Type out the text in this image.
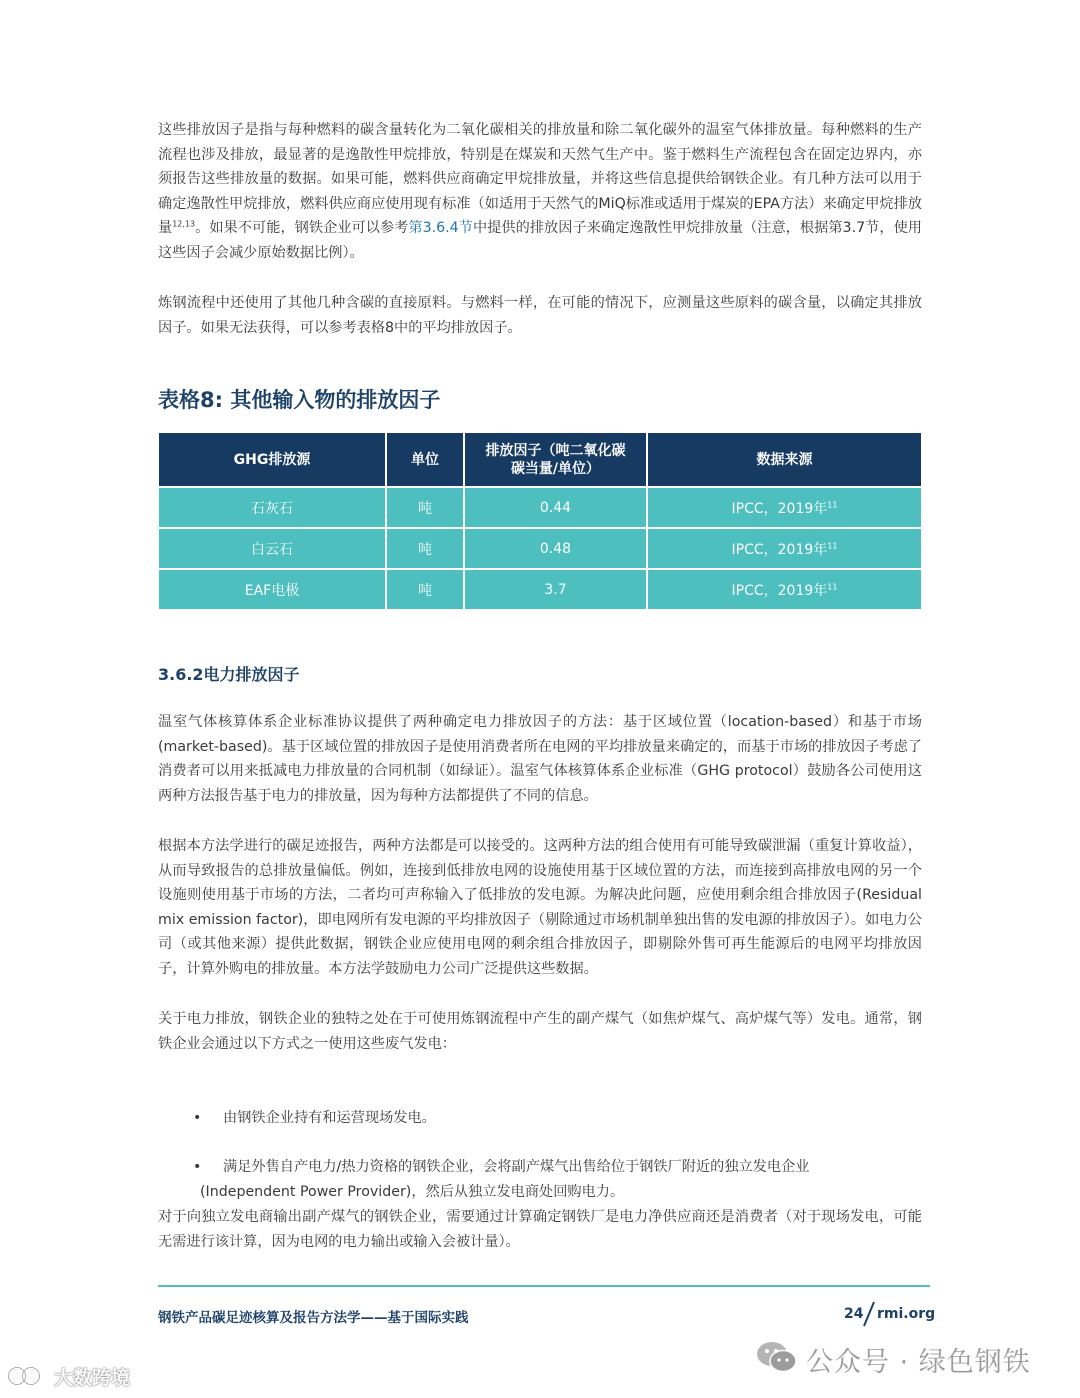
这些排放因子是指与每种燃料的碳含量转化为二氧化碳相关的排放量和除二氧化碳外的温室气体排放量。每种燃料的生产流程也涉及排放，最显著的是逸散性甲烷排放，特别是在煤炭和天然气生产中。鉴于燃料生产流程包含在固定边界内，亦须报告这些排放量的数据。如果可能，燃料供应商确定甲烷排放量，并将这些信息提供给钢铁企业。有几种方法可以用于确定逸散性甲烷排放，燃料供应商应使用现有标准（如适用于天然气的MiQ标准或适用于煤炭的EPA方法）来确定甲烷排放量$^{12,13}$。如果不可能，钢铁企业可以参考第3.6.4节中提供的排放因子来确定逸散性甲烷排放量（注意，根据第3.7节，使用这些因子会减少原始数据比例）。

炼钢流程中还使用了其他几种含碳的直接原料。与燃料一样，在可能的情况下，应测量这些原料的碳含量，以确定其排放因子。如果无法获得，可以参考表格8中的平均排放因子。

表格8: 其他输入物的排放因子
GHG排放源	单位	排放因子（吨二氧化碳
碳当量/单位）	数据来源
石灰石	吨	0.44	IPCC，2019年$^{11}$
白云石	吨	0.48	IPCC，2019年$^{11}$
EAF电极	吨	3.7	IPCC，2019年$^{11}$
3.6.2电力排放因子

温室气体核算体系企业标准协议提供了两种确定电力排放因子的方法：基于区域位置（location-based）和基于市场(market-based)。基于区域位置的排放因子是使用消费者所在电网的平均排放量来确定的，而基于市场的排放因子考虑了消费者可以用来抵减电力排放量的合同机制（如绿证）。温室气体核算体系企业标准（GHG protocol）鼓励各公司使用这两种方法报告基于电力的排放量，因为每种方法都提供了不同的信息。

根据本方法学进行的碳足迹报告，两种方法都是可以接受的。这两种方法的组合使用有可能导致碳泄漏（重复计算收益），从而导致报告的总排放量偏低。例如，连接到低排放电网的设施使用基于区域位置的方法，而连接到高排放电网的另一个设施则使用基于市场的方法，二者均可声称输入了低排放的发电源。为解决此问题，应使用剩余组合排放因子(Residual mix emission factor)，即电网所有发电源的平均排放因子（剔除通过市场机制单独出售的发电源的排放因子）。如电力公司（或其他来源）提供此数据，钢铁企业应使用电网的剩余组合排放因子，即剔除外售可再生能源后的电网平均排放因子，计算外购电的排放量。本方法学鼓励电力公司广泛提供这些数据。

关于电力排放，钢铁企业的独特之处在于可使用炼钢流程中产生的副产煤气（如焦炉煤气、高炉煤气等）发电。通常，钢铁企业会通过以下方式之一使用这些废气发电：

• 由钢铁企业持有和运营现场发电。
• 满足外售自产电力/热力资格的钢铁企业，会将副产煤气出售给位于钢铁厂附近的独立发电企业
(Independent Power Provider)，然后从独立发电商处回购电力。

对于向独立发电商输出副产煤气的钢铁企业，需要通过计算确定钢铁厂是电力净供应商还是消费者（对于现场发电，可能无需进行该计算，因为电网的电力输出或输入会被计量）。

钢铁产品碳足迹核算及报告方法学——基于国际实践	24 rmi.org
公众号 · 绿色钢铁
大数跨境
